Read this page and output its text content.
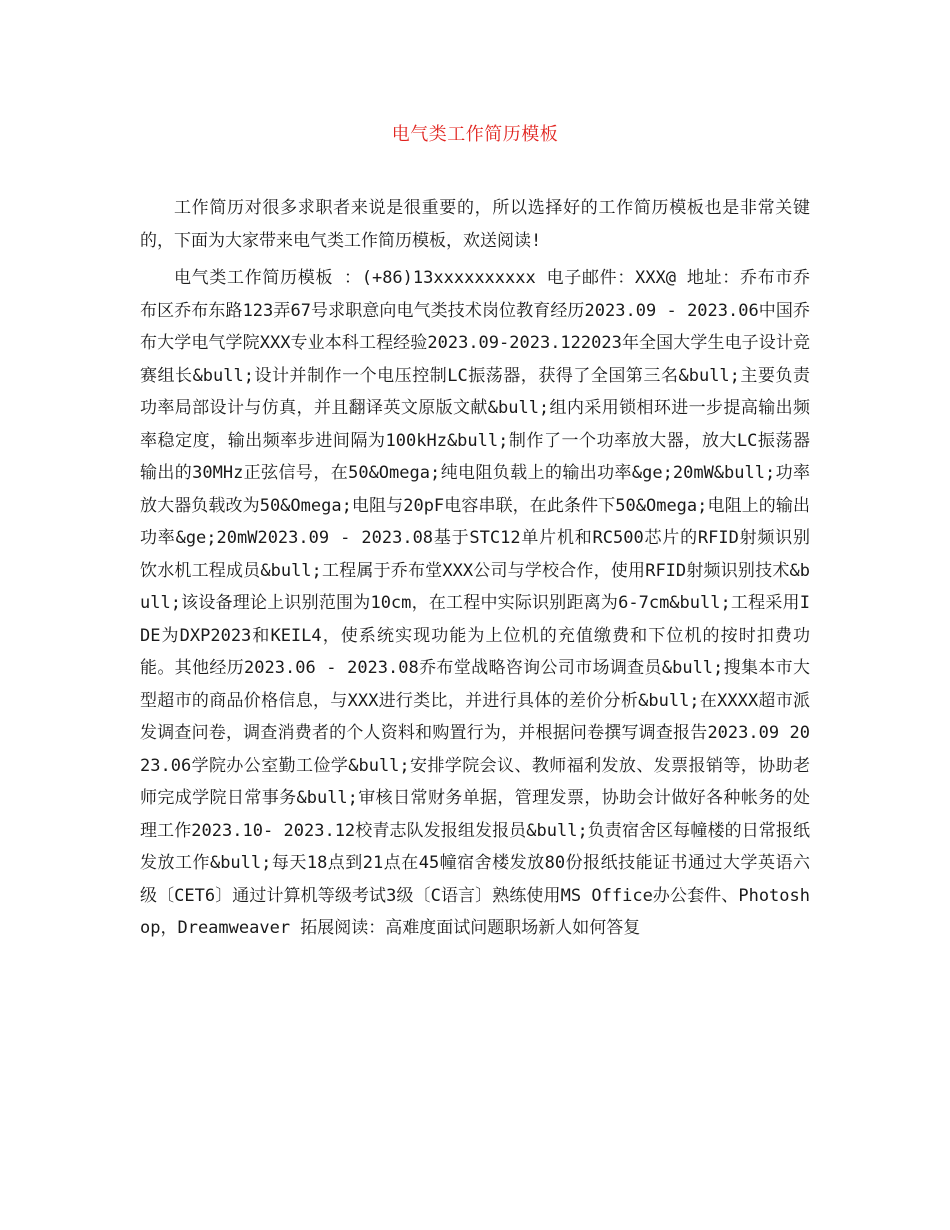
电气类工作简历模板

工作简历对很多求职者来说是很重要的，所以选择好的工作简历模板也是非常关键的，下面为大家带来电气类工作简历模板，欢送阅读!

电气类工作简历模板 ：(+86)13xxxxxxxxxx 电子邮件：XXX@ 地址：乔布市乔布区乔布东路123弄67号求职意向电气类技术岗位教育经历2023.09 - 2023.06中国乔布大学电气学院XXX专业本科工程经验2023.09-2023.122023年全国大学生电子设计竞赛组长&bull;设计并制作一个电压控制LC振荡器，获得了全国第三名&bull;主要负责功率局部设计与仿真，并且翻译英文原版文献&bull;组内采用锁相环进一步提高输出频率稳定度，输出频率步进间隔为100kHz&bull;制作了一个功率放大器，放大LC振荡器输出的30MHz正弦信号，在50&Omega;纯电阻负载上的输出功率&ge;20mW&bull;功率放大器负载改为50&Omega;电阻与20pF电容串联，在此条件下50&Omega;电阻上的输出功率&ge;20mW2023.09 - 2023.08基于STC12单片机和RC500芯片的RFID射频识别饮水机工程成员&bull;工程属于乔布堂XXX公司与学校合作，使用RFID射频识别技术&bull;该设备理论上识别范围为10cm，在工程中实际识别距离为6-7cm&bull;工程采用IDE为DXP2023和KEIL4，使系统实现功能为上位机的充值缴费和下位机的按时扣费功能。其他经历2023.06 - 2023.08乔布堂战略咨询公司市场调查员&bull;搜集本市大型超市的商品价格信息，与XXX进行类比，并进行具体的差价分析&bull;在XXXX超市派发调查问卷，调查消费者的个人资料和购置行为，并根据问卷撰写调查报告2023.09 2023.06学院办公室勤工俭学&bull;安排学院会议、教师福利发放、发票报销等，协助老师完成学院日常事务&bull;审核日常财务单据，管理发票，协助会计做好各种帐务的处理工作2023.10- 2023.12校青志队发报组发报员&bull;负责宿舍区每幢楼的日常报纸发放工作&bull;每天18点到21点在45幢宿舍楼发放80份报纸技能证书通过大学英语六级〔CET6〕通过计算机等级考试3级〔C语言〕熟练使用MS Office办公套件、Photoshop，Dreamweaver 拓展阅读：高难度面试问题职场新人如何答复
